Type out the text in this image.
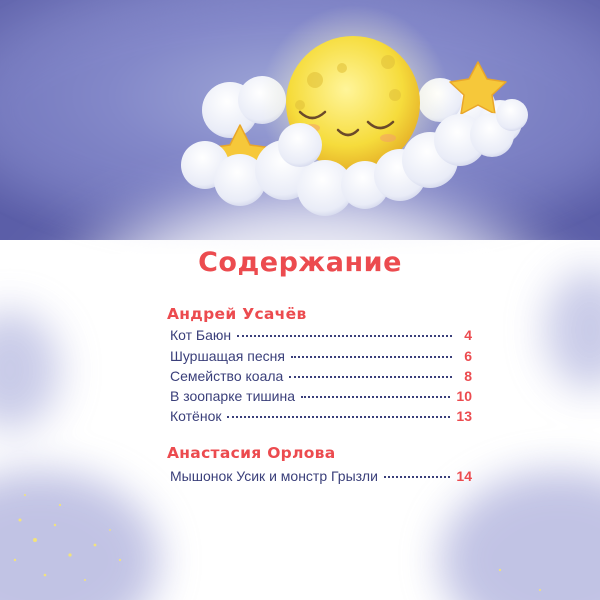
Содержание
Андрей Усачёв
Кот Баюн	4
Шуршащая песня	6
Семейство коала	8
В зоопарке тишина	10
Котёнок	13
Анастасия Орлова
Мышонок Усик и монстр Грызли	14
